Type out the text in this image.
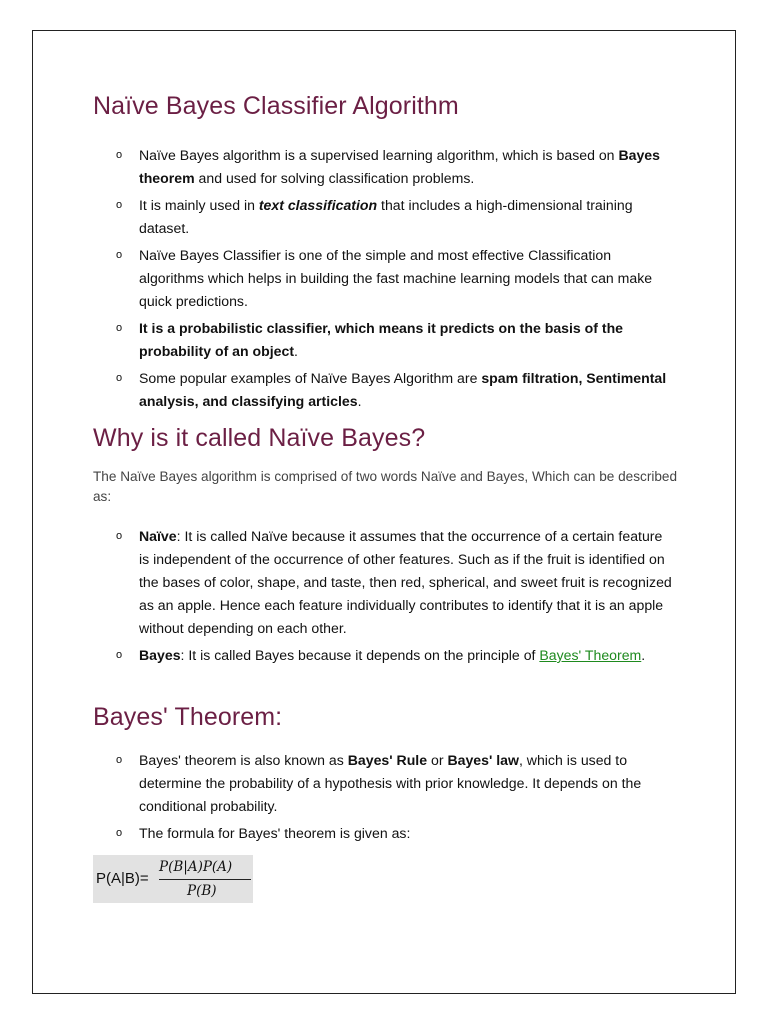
Naïve Bayes Classifier Algorithm
o Naïve Bayes algorithm is a supervised learning algorithm, which is based on Bayes theorem and used for solving classification problems.
o It is mainly used in text classification that includes a high-dimensional training dataset.
o Naïve Bayes Classifier is one of the simple and most effective Classification algorithms which helps in building the fast machine learning models that can make quick predictions.
o It is a probabilistic classifier, which means it predicts on the basis of the probability of an object.
o Some popular examples of Naïve Bayes Algorithm are spam filtration, Sentimental analysis, and classifying articles.
Why is it called Naïve Bayes?
The Naïve Bayes algorithm is comprised of two words Naïve and Bayes, Which can be described as:
o Naïve: It is called Naïve because it assumes that the occurrence of a certain feature is independent of the occurrence of other features. Such as if the fruit is identified on the bases of color, shape, and taste, then red, spherical, and sweet fruit is recognized as an apple. Hence each feature individually contributes to identify that it is an apple without depending on each other.
o Bayes: It is called Bayes because it depends on the principle of Bayes' Theorem.
Bayes' Theorem:
o Bayes' theorem is also known as Bayes' Rule or Bayes' law, which is used to determine the probability of a hypothesis with prior knowledge. It depends on the conditional probability.
o The formula for Bayes' theorem is given as:
P(A|B)=
P(B|A)P(A)
P(B)
